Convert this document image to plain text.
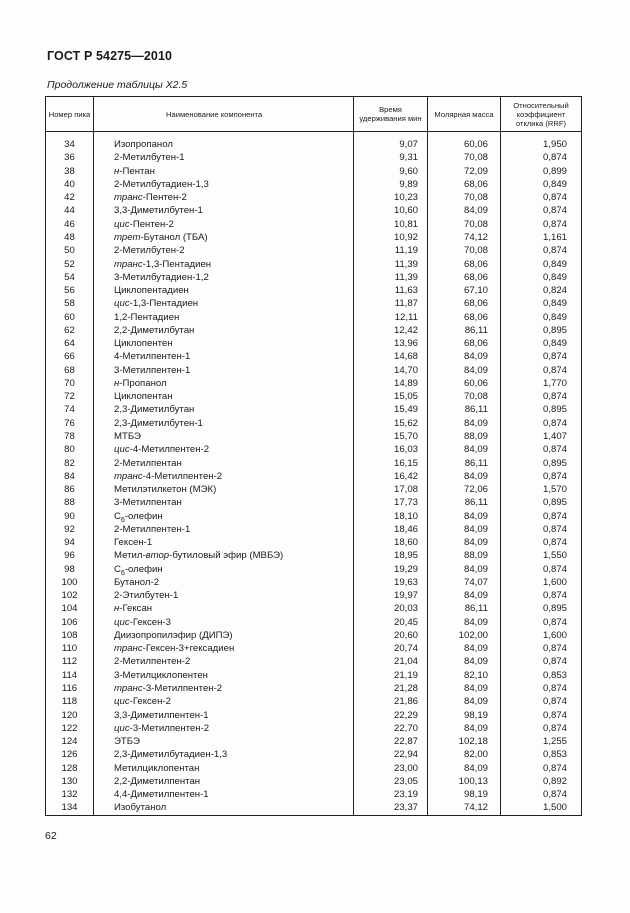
ГОСТ Р 54275—2010
Продолжение таблицы Х2.5
Номер пика	Наименование компонента	Время удерживания мин	Молярная масса	Относительный коэффициент отклика (RRF)
34	Изопропанол	9,07	60,06	1,950
36	2-Метилбутен-1	9,31	70,08	0,874
38	н-Пентан	9,60	72,09	0,899
40	2-Метилбутадиен-1,3	9,89	68,06	0,849
42	транс-Пентен-2	10,23	70,08	0,874
44	3,3-Диметилбутен-1	10,60	84,09	0,874
46	цис-Пентен-2	10,81	70,08	0,874
48	трет-Бутанол (ТБА)	10,92	74,12	1,161
50	2-Метилбутен-2	11,19	70,08	0,874
52	транс-1,3-Пентадиен	11,39	68,06	0,849
54	3-Метилбутадиен-1,2	11,39	68,06	0,849
56	Циклопентадиен	11,63	67,10	0,824
58	цис-1,3-Пентадиен	11,87	68,06	0,849
60	1,2-Пентадиен	12,11	68,06	0,849
62	2,2-Диметилбутан	12,42	86,11	0,895
64	Циклопентен	13,96	68,06	0,849
66	4-Метилпентен-1	14,68	84,09	0,874
68	3-Метилпентен-1	14,70	84,09	0,874
70	н-Пропанол	14,89	60,06	1,770
72	Циклопентан	15,05	70,08	0,874
74	2,3-Диметилбутан	15,49	86,11	0,895
76	2,3-Диметилбутен-1	15,62	84,09	0,874
78	МТБЭ	15,70	88,09	1,407
80	цис-4-Метилпентен-2	16,03	84,09	0,874
82	2-Метилпентан	16,15	86,11	0,895
84	транс-4-Метилпентен-2	16,42	84,09	0,874
86	Метилэтилкетон (МЭК)	17,08	72,06	1,570
88	3-Метилпентан	17,73	86,11	0,895
90	$С_6$-олефин	18,10	84,09	0,874
92	2-Метилпентен-1	18,46	84,09	0,874
94	Гексен-1	18,60	84,09	0,874
96	Метил-втор-бутиловый эфир (МВБЭ)	18,95	88,09	1,550
98	$С_6$-олефин	19,29	84,09	0,874
100	Бутанол-2	19,63	74,07	1,600
102	2-Этилбутен-1	19,97	84,09	0,874
104	н-Гексан	20,03	86,11	0,895
106	цис-Гексен-3	20,45	84,09	0,874
108	Диизопропилэфир (ДИПЭ)	20,60	102,00	1,600
110	транс-Гексен-3+гексадиен	20,74	84,09	0,874
112	2-Метилпентен-2	21,04	84,09	0,874
114	3-Метилциклопентен	21,19	82,10	0,853
116	транс-3-Метилпентен-2	21,28	84,09	0,874
118	цис-Гексен-2	21,86	84,09	0,874
120	3,3-Диметилпентен-1	22,29	98,19	0,874
122	цис-3-Метилпентен-2	22,70	84,09	0,874
124	ЭТБЭ	22,87	102,18	1,255
126	2,3-Диметилбутадиен-1,3	22,94	82,00	0,853
128	Метилциклопентан	23,00	84,09	0,874
130	2,2-Диметилпентан	23,05	100,13	0,892
132	4,4-Диметилпентен-1	23,19	98,19	0,874
134	Изобутанол	23,37	74,12	1,500
62
